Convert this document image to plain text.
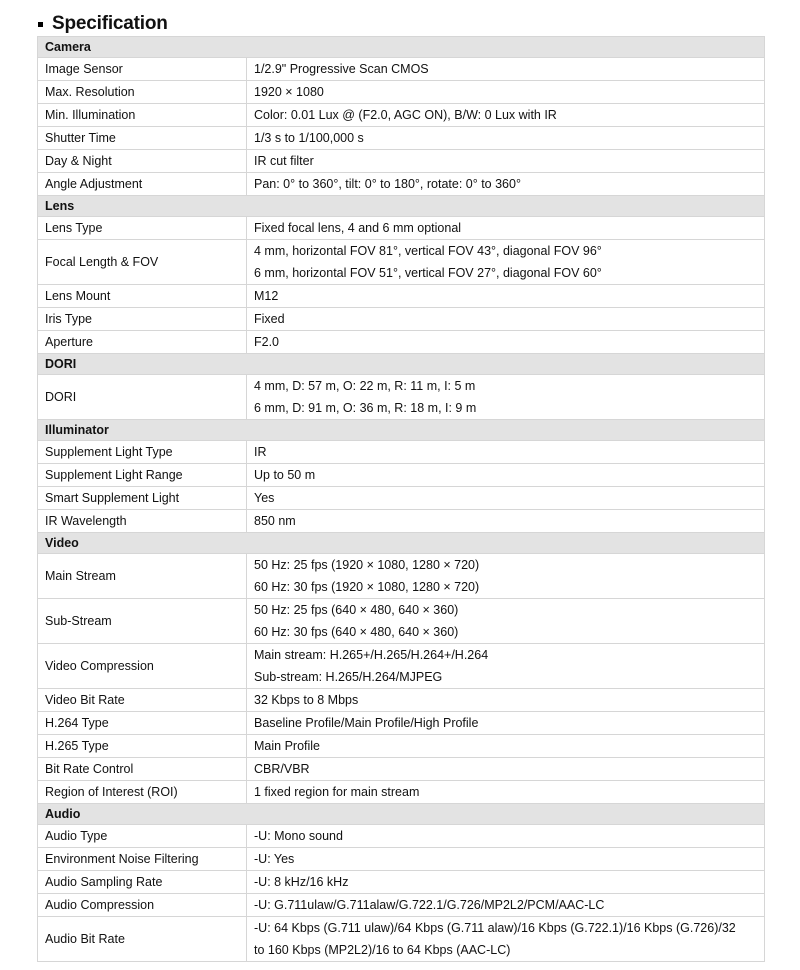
Specification
Camera	
Image Sensor	1/2.9" Progressive Scan CMOS

Max. Resolution	1920 × 1080

Min. Illumination	Color: 0.01 Lux @ (F2.0, AGC ON), B/W: 0 Lux with IR

Shutter Time	1/3 s to 1/100,000 s

Day & Night	IR cut filter

Angle Adjustment	Pan: 0° to 360°, tilt: 0° to 180°, rotate: 0° to 360°

Lens	
Lens Type	Fixed focal lens, 4 and 6 mm optional

Focal Length & FOV	4 mm, horizontal FOV 81°, vertical FOV 43°, diagonal FOV 96°
6 mm, horizontal FOV 51°, vertical FOV 27°, diagonal FOV 60°

Lens Mount	M12

Iris Type	Fixed

Aperture	F2.0

DORI	
DORI	4 mm, D: 57 m, O: 22 m, R: 11 m, I: 5 m
6 mm, D: 91 m, O: 36 m, R: 18 m, I: 9 m

Illuminator	
Supplement Light Type	IR

Supplement Light Range	Up to 50 m

Smart Supplement Light	Yes

IR Wavelength	850 nm

Video	
Main Stream	50 Hz: 25 fps (1920 × 1080, 1280 × 720)
60 Hz: 30 fps (1920 × 1080, 1280 × 720)

Sub-Stream	50 Hz: 25 fps (640 × 480, 640 × 360)
60 Hz: 30 fps (640 × 480, 640 × 360)

Video Compression	Main stream: H.265+/H.265/H.264+/H.264
Sub-stream: H.265/H.264/MJPEG

Video Bit Rate	32 Kbps to 8 Mbps

H.264 Type	Baseline Profile/Main Profile/High Profile

H.265 Type	Main Profile

Bit Rate Control	CBR/VBR

Region of Interest (ROI)	1 fixed region for main stream

Audio	
Audio Type	-U: Mono sound

Environment Noise Filtering	-U: Yes

Audio Sampling Rate	-U: 8 kHz/16 kHz

Audio Compression	-U: G.711ulaw/G.711alaw/G.722.1/G.726/MP2L2/PCM/AAC-LC

Audio Bit Rate	-U: 64 Kbps (G.711 ulaw)/64 Kbps (G.711 alaw)/16 Kbps (G.722.1)/16 Kbps (G.726)/32
to 160 Kbps (MP2L2)/16 to 64 Kbps (AAC-LC)
